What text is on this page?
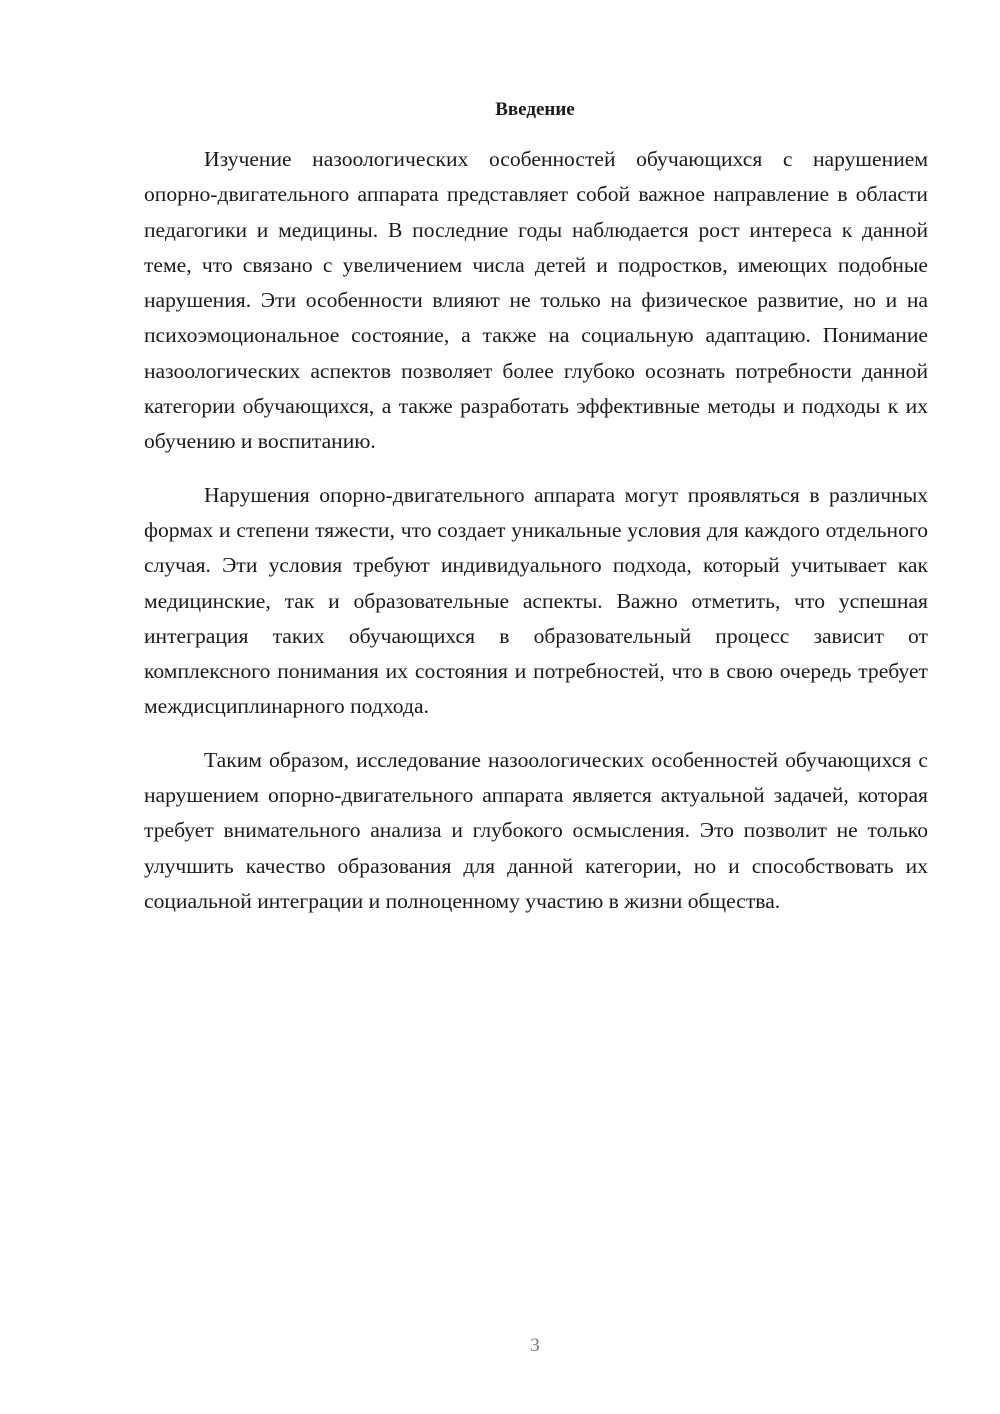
Введение

Изучение назоологических особенностей обучающихся с нарушением опорно-двигательного аппарата представляет собой важное направление в области педагогики и медицины. В последние годы наблюдается рост интереса к данной теме, что связано с увеличением числа детей и подростков, имеющих подобные нарушения. Эти особенности влияют не только на физическое развитие, но и на психоэмоциональное состояние, а также на социальную адаптацию. Понимание назоологических аспектов позволяет более глубоко осознать потребности данной категории обучающихся, а также разработать эффективные методы и подходы к их обучению и воспитанию.

Нарушения опорно-двигательного аппарата могут проявляться в различных формах и степени тяжести, что создает уникальные условия для каждого отдельного случая. Эти условия требуют индивидуального подхода, который учитывает как медицинские, так и образовательные аспекты. Важно отметить, что успешная интеграция таких обучающихся в образовательный процесс зависит от комплексного понимания их состояния и потребностей, что в свою очередь требует междисциплинарного подхода.

Таким образом, исследование назоологических особенностей обучающихся с нарушением опорно-двигательного аппарата является актуальной задачей, которая требует внимательного анализа и глубокого осмысления. Это позволит не только улучшить качество образования для данной категории, но и способствовать их социальной интеграции и полноценному участию в жизни общества.

3
